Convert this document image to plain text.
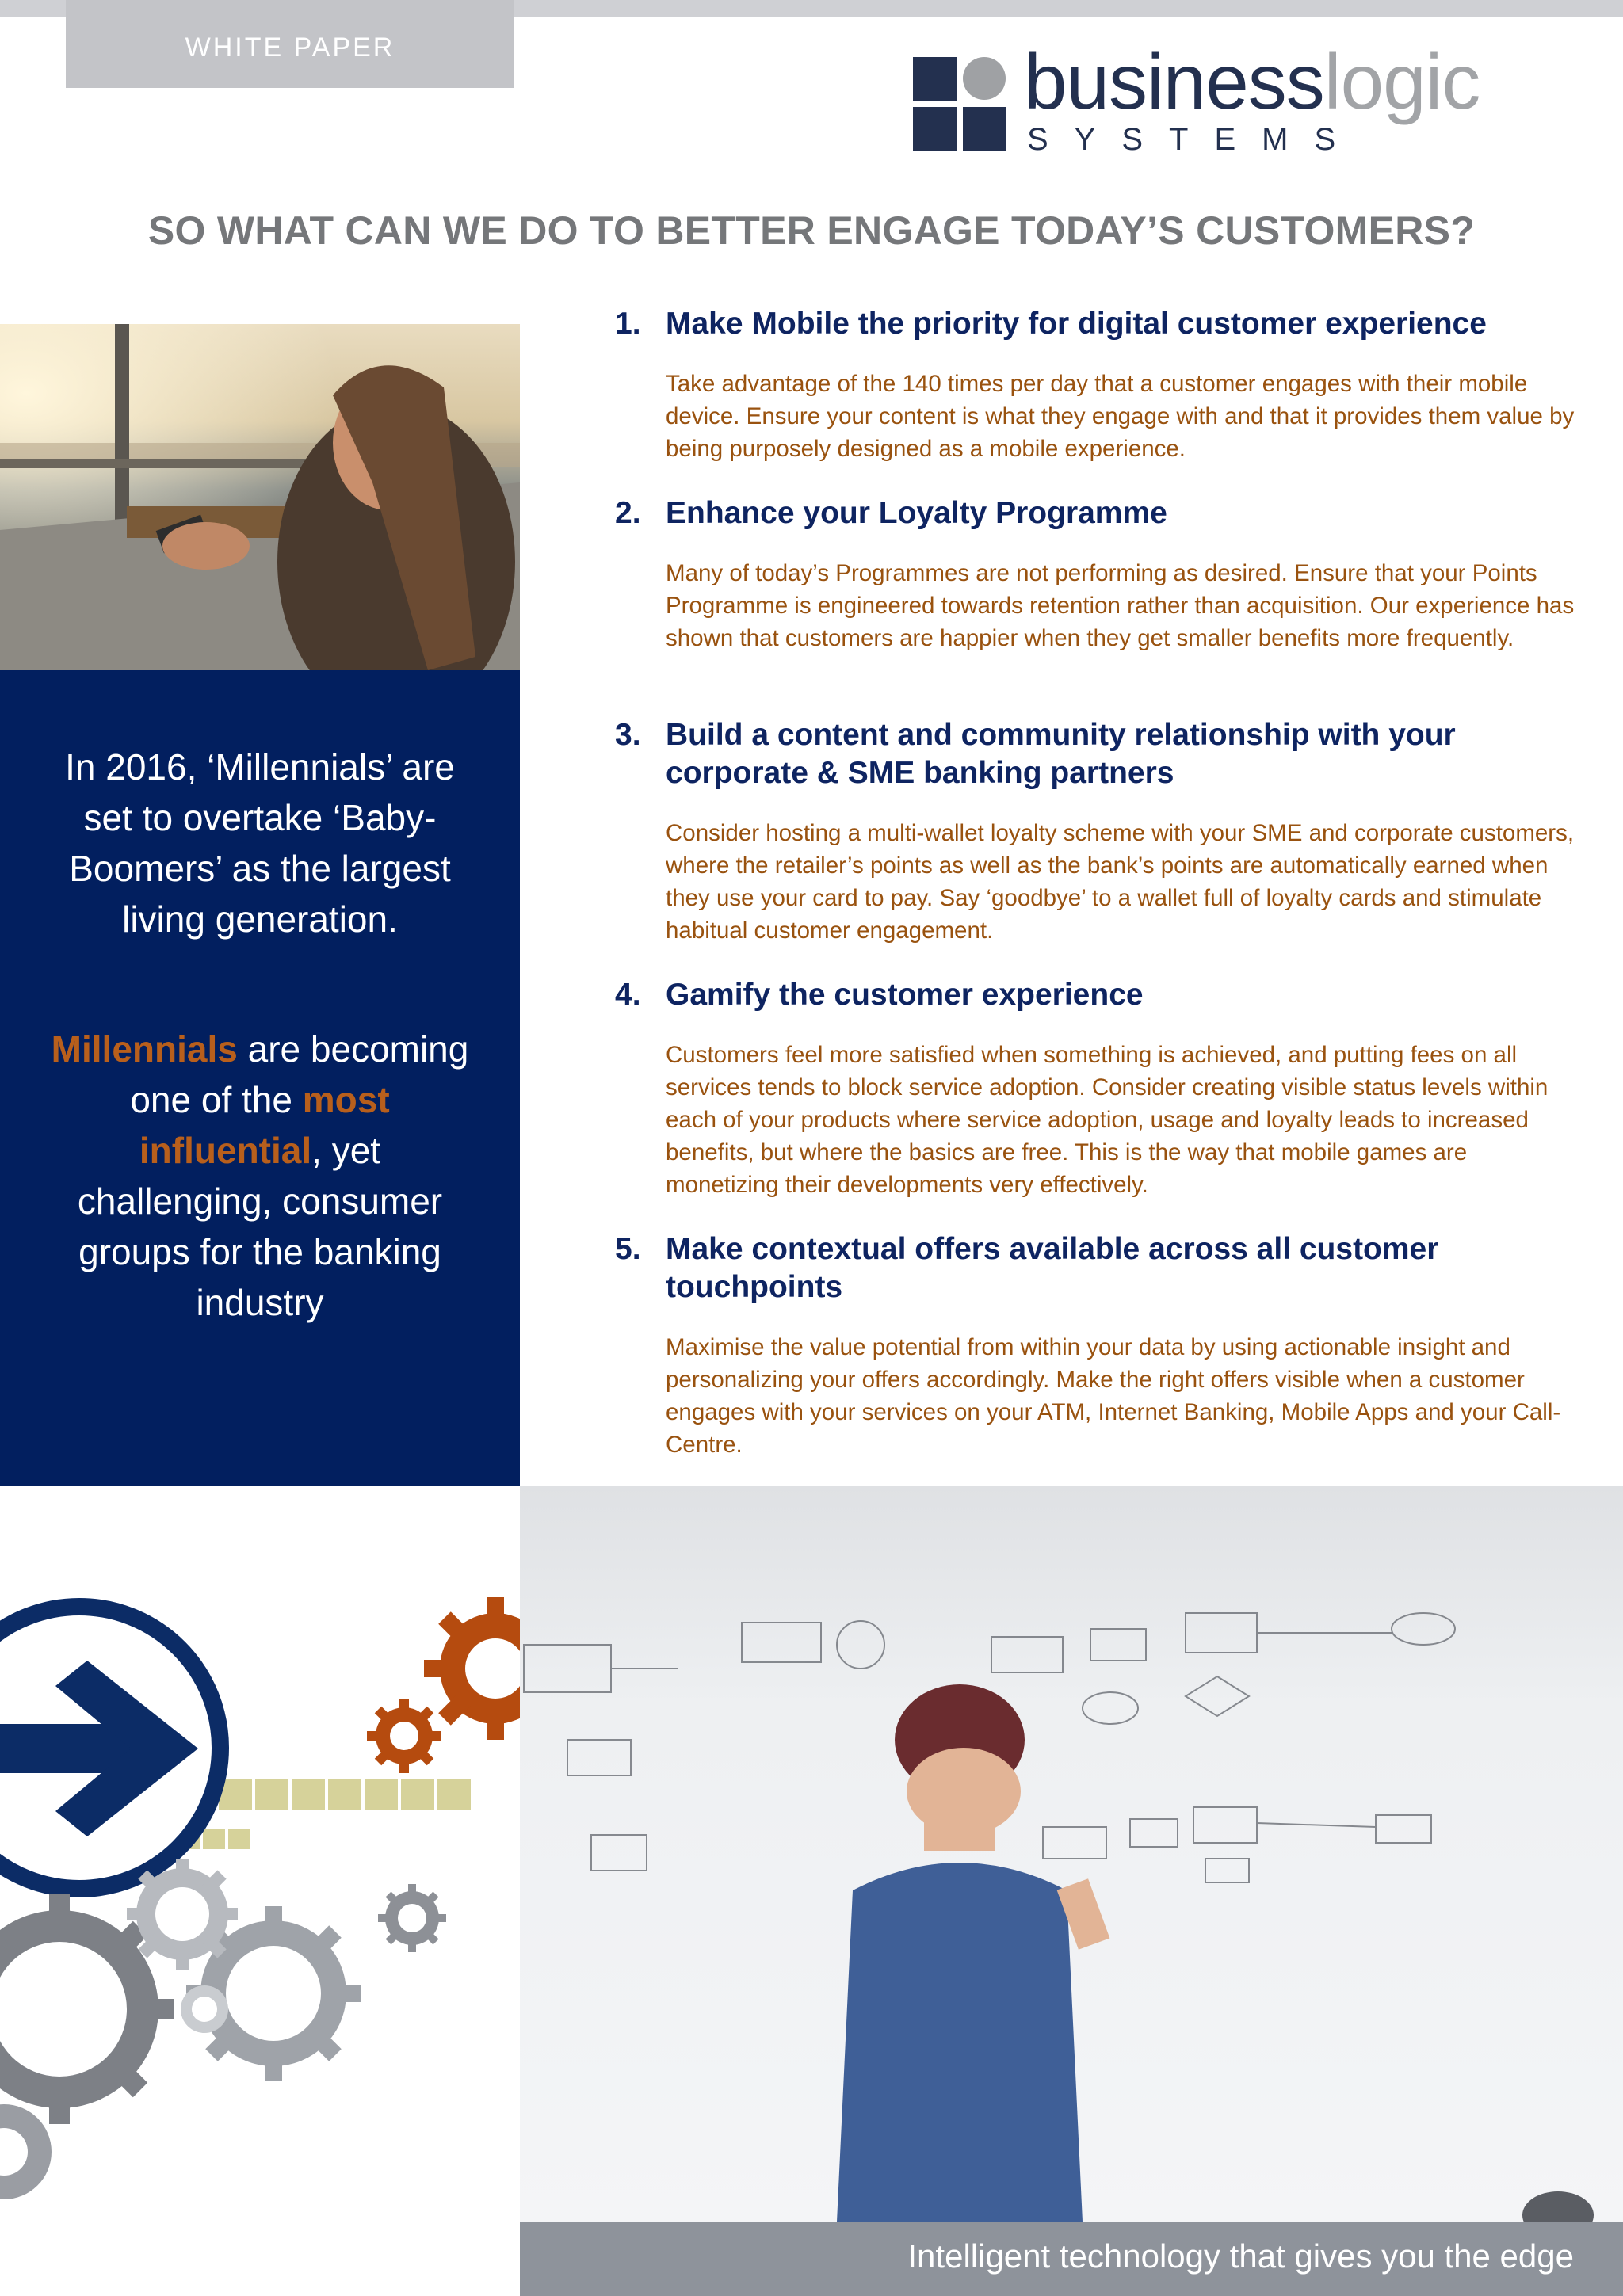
WHITE PAPER	businesslogic
SYSTEMS
SO WHAT CAN WE DO TO BETTER ENGAGE TODAY’S CUSTOMERS?
In 2016, ‘Millennials’ are set to overtake ‘Baby-Boomers’ as the largest living generation.
Millennials are becoming one of the most influential, yet challenging, consumer groups for the banking industry
1. Make Mobile the priority for digital customer experience
Take advantage of the 140 times per day that a customer engages with their mobile device. Ensure your content is what they engage with and that it provides them value by being purposely designed as a mobile experience.
2. Enhance your Loyalty Programme
Many of today’s Programmes are not performing as desired. Ensure that your Points Programme is engineered towards retention rather than acquisition. Our experience has shown that customers are happier when they get smaller benefits more frequently.
3. Build a content and community relationship with your corporate & SME banking partners
Consider hosting a multi-wallet loyalty scheme with your SME and corporate customers, where the retailer’s points as well as the bank’s points are automatically earned when they use your card to pay. Say ‘goodbye’ to a wallet full of loyalty cards and stimulate habitual customer engagement.
4. Gamify the customer experience
Customers feel more satisfied when something is achieved, and putting fees on all services tends to block service adoption. Consider creating visible status levels within each of your products where service adoption, usage and loyalty leads to increased benefits, but where the basics are free. This is the way that mobile games are monetizing their developments very effectively.
5. Make contextual offers available across all customer touchpoints
Maximise the value potential from within your data by using actionable insight and personalizing your offers accordingly. Make the right offers visible when a customer engages with your services on your ATM, Internet Banking, Mobile Apps and your Call-Centre.
Intelligent technology that gives you the edge
